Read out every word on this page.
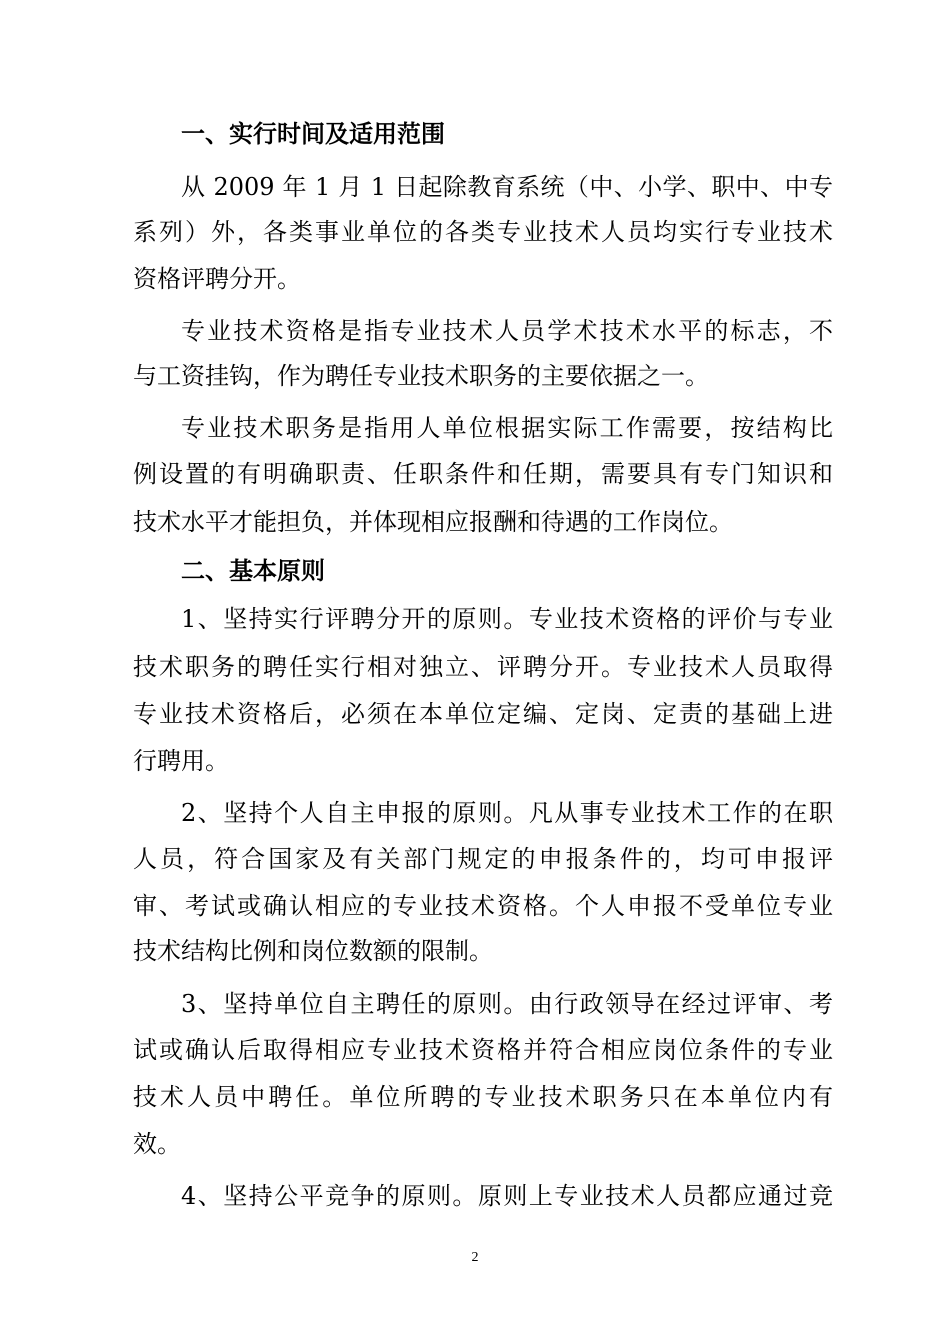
一、实行时间及适用范围
从 2009 年 1 月 1 日起除教育系统（中、小学、职中、中专
系列）外，各类事业单位的各类专业技术人员均实行专业技术
资格评聘分开。
专业技术资格是指专业技术人员学术技术水平的标志，不
与工资挂钩，作为聘任专业技术职务的主要依据之一。
专业技术职务是指用人单位根据实际工作需要，按结构比
例设置的有明确职责、任职条件和任期，需要具有专门知识和
技术水平才能担负，并体现相应报酬和待遇的工作岗位。
二、基本原则
1、坚持实行评聘分开的原则。专业技术资格的评价与专业
技术职务的聘任实行相对独立、评聘分开。专业技术人员取得
专业技术资格后，必须在本单位定编、定岗、定责的基础上进
行聘用。
2、坚持个人自主申报的原则。凡从事专业技术工作的在职
人员，符合国家及有关部门规定的申报条件的，均可申报评
审、考试或确认相应的专业技术资格。个人申报不受单位专业
技术结构比例和岗位数额的限制。
3、坚持单位自主聘任的原则。由行政领导在经过评审、考
试或确认后取得相应专业技术资格并符合相应岗位条件的专业
技术人员中聘任。单位所聘的专业技术职务只在本单位内有
效。
4、坚持公平竞争的原则。原则上专业技术人员都应通过竞
2
